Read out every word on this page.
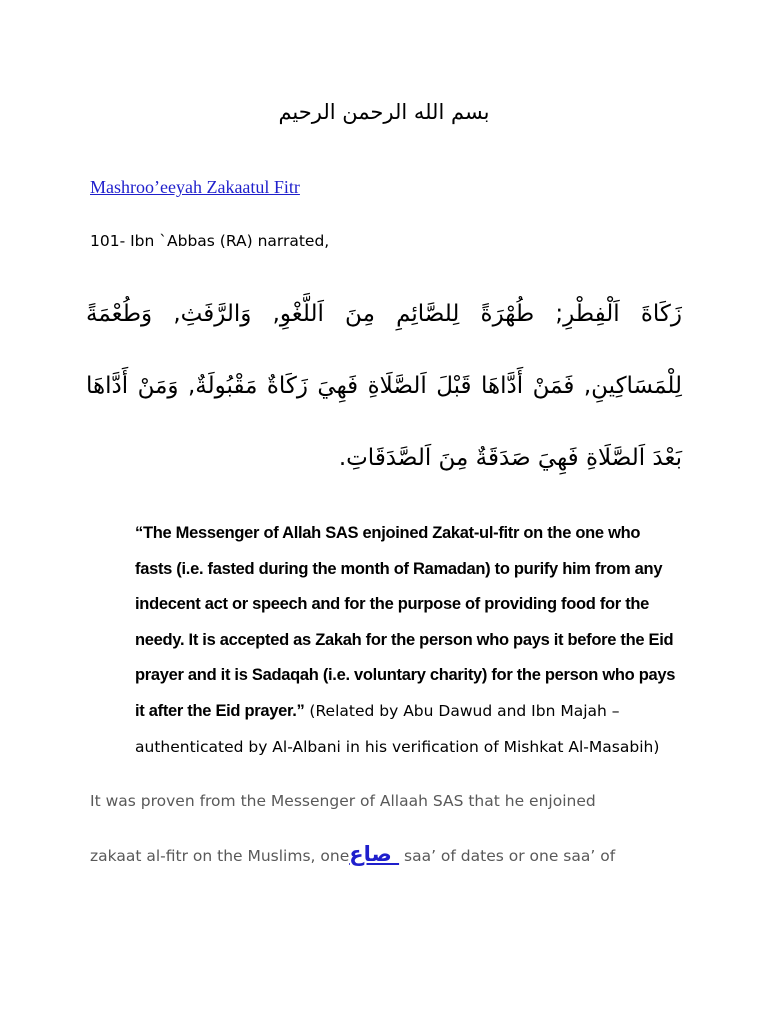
بسم الله الرحمن الرحيم
Mashroo’eeyah Zakaatul Fitr
101- Ibn `Abbas (RA) narrated,
زَكَاةَ اَلْفِطْرِ; طُهْرَةً لِلصَّائِمِ مِنَ اَللَّغْوِ, وَالرَّفَثِ, وَطُعْمَةً لِلْمَسَاكِينِ, فَمَنْ أَدَّاهَا قَبْلَ اَلصَّلَاةِ فَهِيَ زَكَاةٌ مَقْبُولَةٌ, وَمَنْ أَدَّاهَا بَعْدَ اَلصَّلَاةِ فَهِيَ صَدَقَةٌ مِنَ اَلصَّدَقَاتِ.
“The Messenger of Allah SAS enjoined Zakat-ul-fitr on the one who fasts (i.e. fasted during the month of Ramadan) to purify him from any indecent act or speech and for the purpose of providing food for the needy. It is accepted as Zakah for the person who pays it before the Eid prayer and it is Sadaqah (i.e. voluntary charity) for the person who pays it after the Eid prayer.” (Related by Abu Dawud and Ibn Majah – authenticated by Al-Albani in his verification of Mishkat Al-Masabih)
It was proven from the Messenger of Allaah SAS that he enjoined
zakaat al-fitr on the Muslims, one صاع saa’ of dates or one saa’ of
